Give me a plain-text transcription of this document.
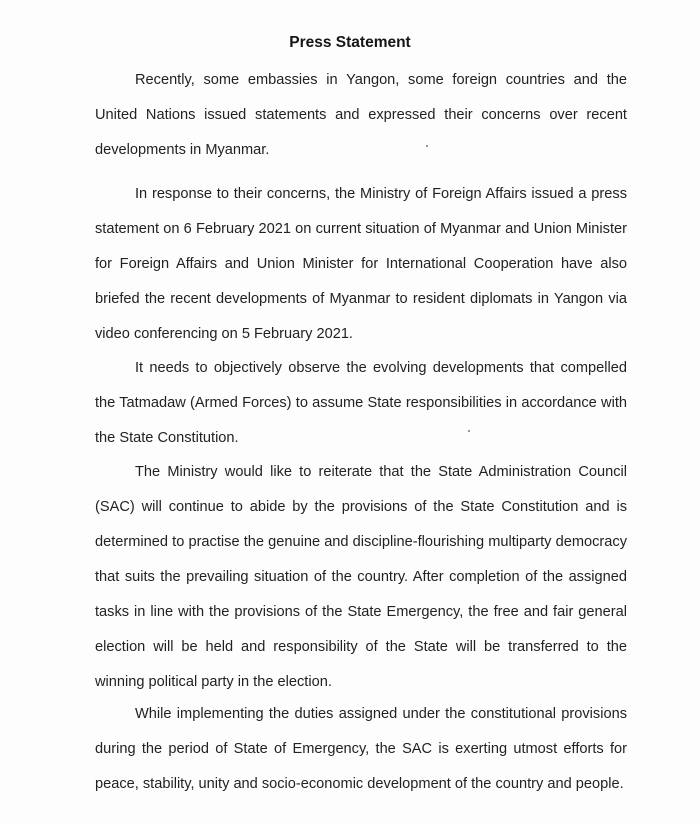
Press Statement

Recently, some embassies in Yangon, some foreign countries and the United Nations issued statements and expressed their concerns over recent developments in Myanmar.

In response to their concerns, the Ministry of Foreign Affairs issued a press statement on 6 February 2021 on current situation of Myanmar and Union Minister for Foreign Affairs and Union Minister for International Cooperation have also briefed the recent developments of Myanmar to resident diplomats in Yangon via video conferencing on 5 February 2021.

It needs to objectively observe the evolving developments that compelled the Tatmadaw (Armed Forces) to assume State responsibilities in accordance with the State Constitution.

The Ministry would like to reiterate that the State Administration Council (SAC) will continue to abide by the provisions of the State Constitution and is determined to practise the genuine and discipline-flourishing multiparty democracy that suits the prevailing situation of the country. After completion of the assigned tasks in line with the provisions of the State Emergency, the free and fair general election will be held and responsibility of the State will be transferred to the winning political party in the election.

While implementing the duties assigned under the constitutional provisions during the period of State of Emergency, the SAC is exerting utmost efforts for peace, stability, unity and socio-economic development of the country and people.
